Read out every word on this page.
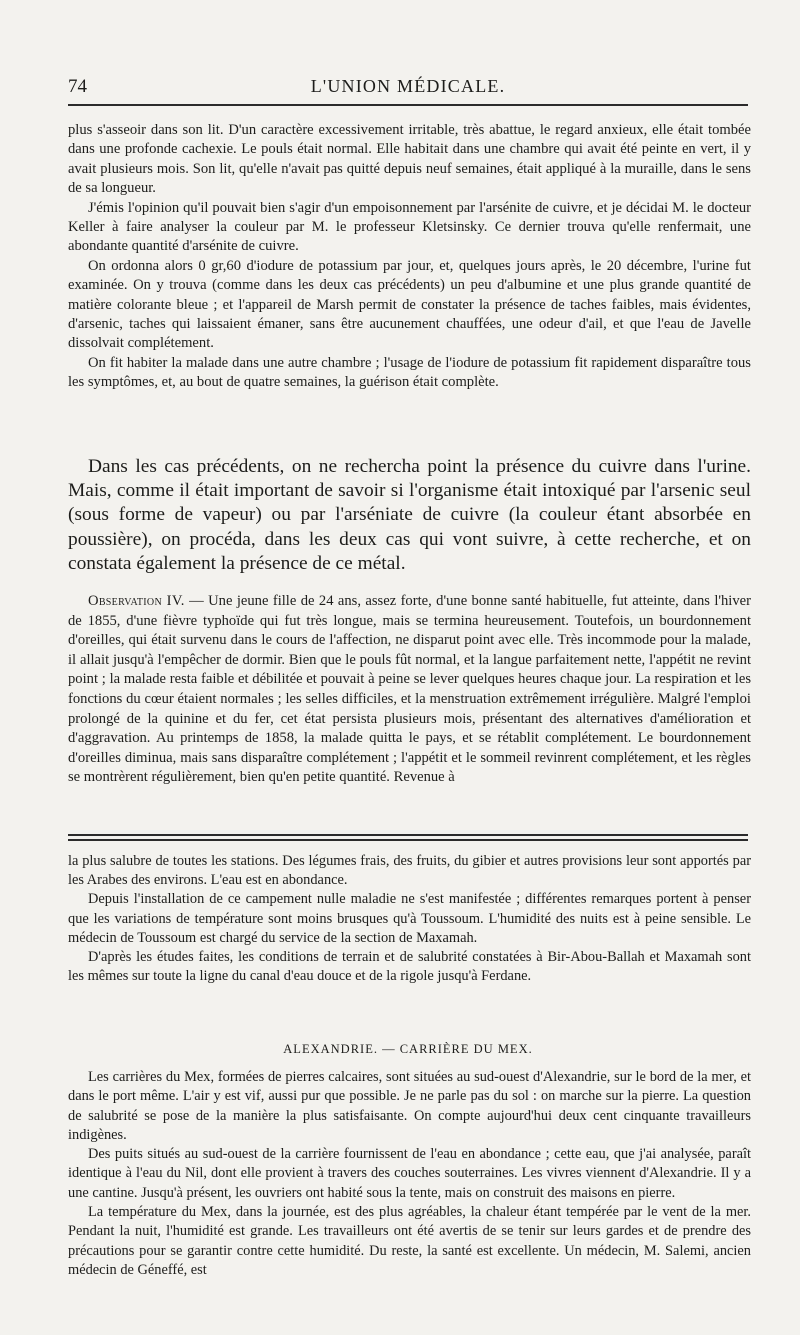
74	L'UNION MÉDICALE.

plus s'asseoir dans son lit. D'un caractère excessivement irritable, très abattue, le regard anxieux, elle était tombée dans une profonde cachexie. Le pouls était normal. Elle habitait dans une chambre qui avait été peinte en vert, il y avait plusieurs mois. Son lit, qu'elle n'avait pas quitté depuis neuf semaines, était appliqué à la muraille, dans le sens de sa longueur.

J'émis l'opinion qu'il pouvait bien s'agir d'un empoisonnement par l'arsénite de cuivre, et je décidai M. le docteur Keller à faire analyser la couleur par M. le professeur Kletsinsky. Ce dernier trouva qu'elle renfermait, une abondante quantité d'arsénite de cuivre.

On ordonna alors 0 gr,60 d'iodure de potassium par jour, et, quelques jours après, le 20 décembre, l'urine fut examinée. On y trouva (comme dans les deux cas précédents) un peu d'albumine et une plus grande quantité de matière colorante bleue ; et l'appareil de Marsh permit de constater la présence de taches faibles, mais évidentes, d'arsenic, taches qui laissaient émaner, sans être aucunement chauffées, une odeur d'ail, et que l'eau de Javelle dissolvait complétement.

On fit habiter la malade dans une autre chambre ; l'usage de l'iodure de potassium fit rapidement disparaître tous les symptômes, et, au bout de quatre semaines, la guérison était complète.

Dans les cas précédents, on ne rechercha point la présence du cuivre dans l'urine. Mais, comme il était important de savoir si l'organisme était intoxiqué par l'arsenic seul (sous forme de vapeur) ou par l'arséniate de cuivre (la couleur étant absorbée en poussière), on procéda, dans les deux cas qui vont suivre, à cette recherche, et on constata également la présence de ce métal.

Observation IV. — Une jeune fille de 24 ans, assez forte, d'une bonne santé habituelle, fut atteinte, dans l'hiver de 1855, d'une fièvre typhoïde qui fut très longue, mais se termina heureusement. Toutefois, un bourdonnement d'oreilles, qui était survenu dans le cours de l'affection, ne disparut point avec elle. Très incommode pour la malade, il allait jusqu'à l'empêcher de dormir. Bien que le pouls fût normal, et la langue parfaitement nette, l'appétit ne revint point ; la malade resta faible et débilitée et pouvait à peine se lever quelques heures chaque jour. La respiration et les fonctions du cœur étaient normales ; les selles difficiles, et la menstruation extrêmement irrégulière. Malgré l'emploi prolongé de la quinine et du fer, cet état persista plusieurs mois, présentant des alternatives d'amélioration et d'aggravation. Au printemps de 1858, la malade quitta le pays, et se rétablit complétement. Le bourdonnement d'oreilles diminua, mais sans disparaître complétement ; l'appétit et le sommeil revinrent complétement, et les règles se montrèrent régulièrement, bien qu'en petite quantité. Revenue à

la plus salubre de toutes les stations. Des légumes frais, des fruits, du gibier et autres provisions leur sont apportés par les Arabes des environs. L'eau est en abondance.

Depuis l'installation de ce campement nulle maladie ne s'est manifestée ; différentes remarques portent à penser que les variations de température sont moins brusques qu'à Toussoum. L'humidité des nuits est à peine sensible. Le médecin de Toussoum est chargé du service de la section de Maxamah.

D'après les études faites, les conditions de terrain et de salubrité constatées à Bir-Abou-Ballah et Maxamah sont les mêmes sur toute la ligne du canal d'eau douce et de la rigole jusqu'à Ferdane.

ALEXANDRIE. — CARRIÈRE DU MEX.

Les carrières du Mex, formées de pierres calcaires, sont situées au sud-ouest d'Alexandrie, sur le bord de la mer, et dans le port même. L'air y est vif, aussi pur que possible. Je ne parle pas du sol : on marche sur la pierre. La question de salubrité se pose de la manière la plus satisfaisante. On compte aujourd'hui deux cent cinquante travailleurs indigènes.

Des puits situés au sud-ouest de la carrière fournissent de l'eau en abondance ; cette eau, que j'ai analysée, paraît identique à l'eau du Nil, dont elle provient à travers des couches souterraines. Les vivres viennent d'Alexandrie. Il y a une cantine. Jusqu'à présent, les ouvriers ont habité sous la tente, mais on construit des maisons en pierre.

La température du Mex, dans la journée, est des plus agréables, la chaleur étant tempérée par le vent de la mer. Pendant la nuit, l'humidité est grande. Les travailleurs ont été avertis de se tenir sur leurs gardes et de prendre des précautions pour se garantir contre cette humidité. Du reste, la santé est excellente. Un médecin, M. Salemi, ancien médecin de Géneffé, est
